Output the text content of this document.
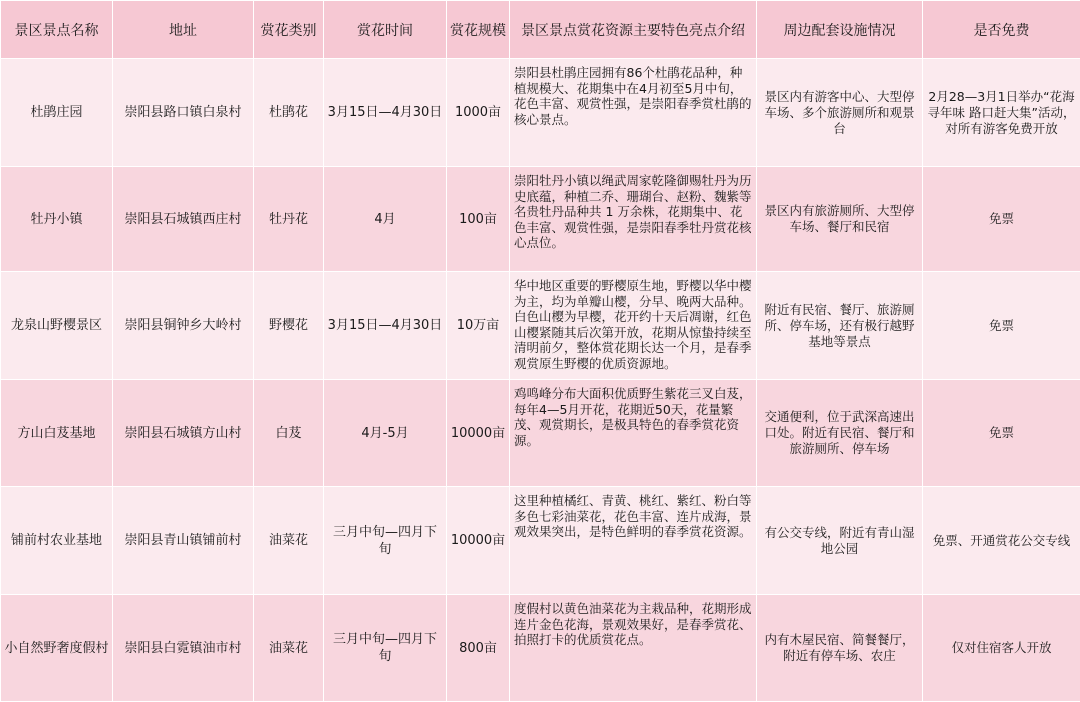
景区景点名称	地址	赏花类别	赏花时间	赏花规模	景区景点赏花资源主要特色亮点介绍	周边配套设施情况	是否免费
杜鹃庄园	崇阳县路口镇白泉村	杜鹃花	3月15日—4月30日	1000亩	崇阳县杜鹃庄园拥有86个杜鹃花品种，种植规模大、花期集中在4月初至5月中旬，花色丰富、观赏性强，是崇阳春季赏杜鹃的核心景点。	景区内有游客中心、大型停车场、多个旅游厕所和观景台	2月28—3月1日举办“花海寻年味 路口赶大集”活动，对所有游客免费开放
牡丹小镇	崇阳县石城镇西庄村	牡丹花	4月	100亩	崇阳牡丹小镇以绳武周家乾隆御赐牡丹为历史底蕴，种植二乔、珊瑚台、赵粉、魏紫等名贵牡丹品种共 1 万余株，花期集中、花色丰富、观赏性强，是崇阳春季牡丹赏花核心点位。	景区内有旅游厕所、大型停车场、餐厅和民宿	免票
龙泉山野樱景区	崇阳县铜钟乡大岭村	野樱花	3月15日—4月30日	10万亩	华中地区重要的野樱原生地，野樱以华中樱为主，均为单瓣山樱，分早、晚两大品种。白色山樱为早樱，花开约十天后凋谢，红色山樱紧随其后次第开放，花期从惊蛰持续至清明前夕，整体赏花期长达一个月，是春季观赏原生野樱的优质资源地。	附近有民宿、餐厅、旅游厕所、停车场，还有极行越野基地等景点	免票
方山白芨基地	崇阳县石城镇方山村	白芨	4月-5月	10000亩	鸡鸣峰分布大面积优质野生紫花三叉白芨，每年4—5月开花，花期近50天，花量繁茂、观赏期长，是极具特色的春季赏花资源。	交通便利，位于武深高速出口处。附近有民宿、餐厅和旅游厕所、停车场	免票
铺前村农业基地	崇阳县青山镇铺前村	油菜花	三月中旬—四月下旬	10000亩	这里种植橘红、青黄、桃红、紫红、粉白等多色七彩油菜花，花色丰富、连片成海，景观效果突出，是特色鲜明的春季赏花资源。	有公交专线，附近有青山湿地公园	免票、开通赏花公交专线
小自然野奢度假村	崇阳县白霓镇油市村	油菜花	三月中旬—四月下旬	800亩	度假村以黄色油菜花为主栽品种，花期形成连片金色花海，景观效果好，是春季赏花、拍照打卡的优质赏花点。	内有木屋民宿、简餐餐厅，附近有停车场、农庄	仅对住宿客人开放
